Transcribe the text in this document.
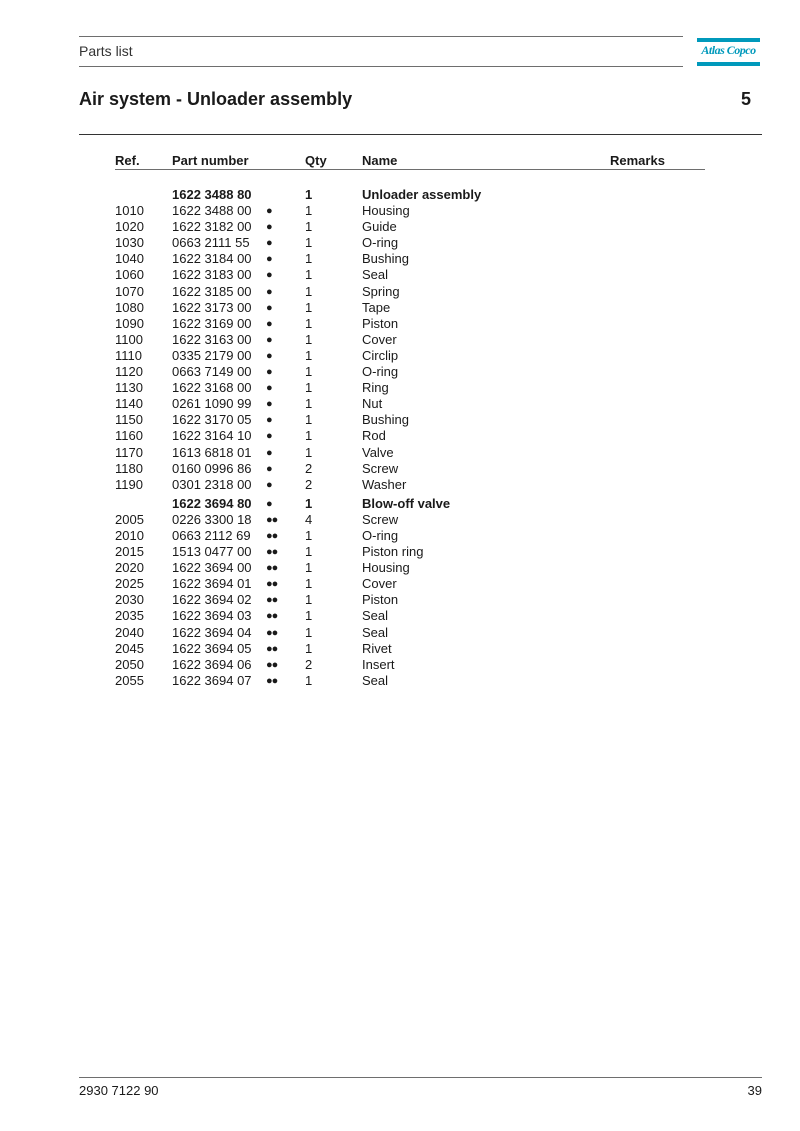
Parts list	Atlas Copco
Air system - Unloader assembly	5
Ref. Part number	Qty	Name	Remarks
1622 3488 80	1	Unloader assembly
1010 1622 3488 00 ●	1	Housing
1020 1622 3182 00 ●	1	Guide
1030 0663 2111 55 ●	1	O-ring
1040 1622 3184 00 ●	1	Bushing
1060 1622 3183 00 ●	1	Seal
1070 1622 3185 00 ●	1	Spring
1080 1622 3173 00 ●	1	Tape
1090 1622 3169 00 ●	1	Piston
1100 1622 3163 00 ●	1	Cover
1110 0335 2179 00 ●	1	Circlip
1120 0663 7149 00 ●	1	O-ring
1130 1622 3168 00 ●	1	Ring
1140 0261 1090 99 ●	1	Nut
1150 1622 3170 05 ●	1	Bushing
1160 1622 3164 10 ●	1	Rod
1170 1613 6818 01 ●	1	Valve
1180 0160 0996 86 ●	2	Screw
1190 0301 2318 00 ●	2	Washer
1622 3694 80 ●	1	Blow-off valve
2005 0226 3300 18 ●● 4	Screw
2010 0663 2112 69 ●● 1	O-ring
2015 1513 0477 00 ●● 1	Piston ring
2020 1622 3694 00 ●● 1	Housing
2025 1622 3694 01 ●● 1	Cover
2030 1622 3694 02 ●● 1	Piston
2035 1622 3694 03 ●● 1	Seal
2040 1622 3694 04 ●● 1	Seal
2045 1622 3694 05 ●● 1	Rivet
2050 1622 3694 06 ●● 2	Insert
2055 1622 3694 07 ●● 1	Seal
2930 7122 90	39
